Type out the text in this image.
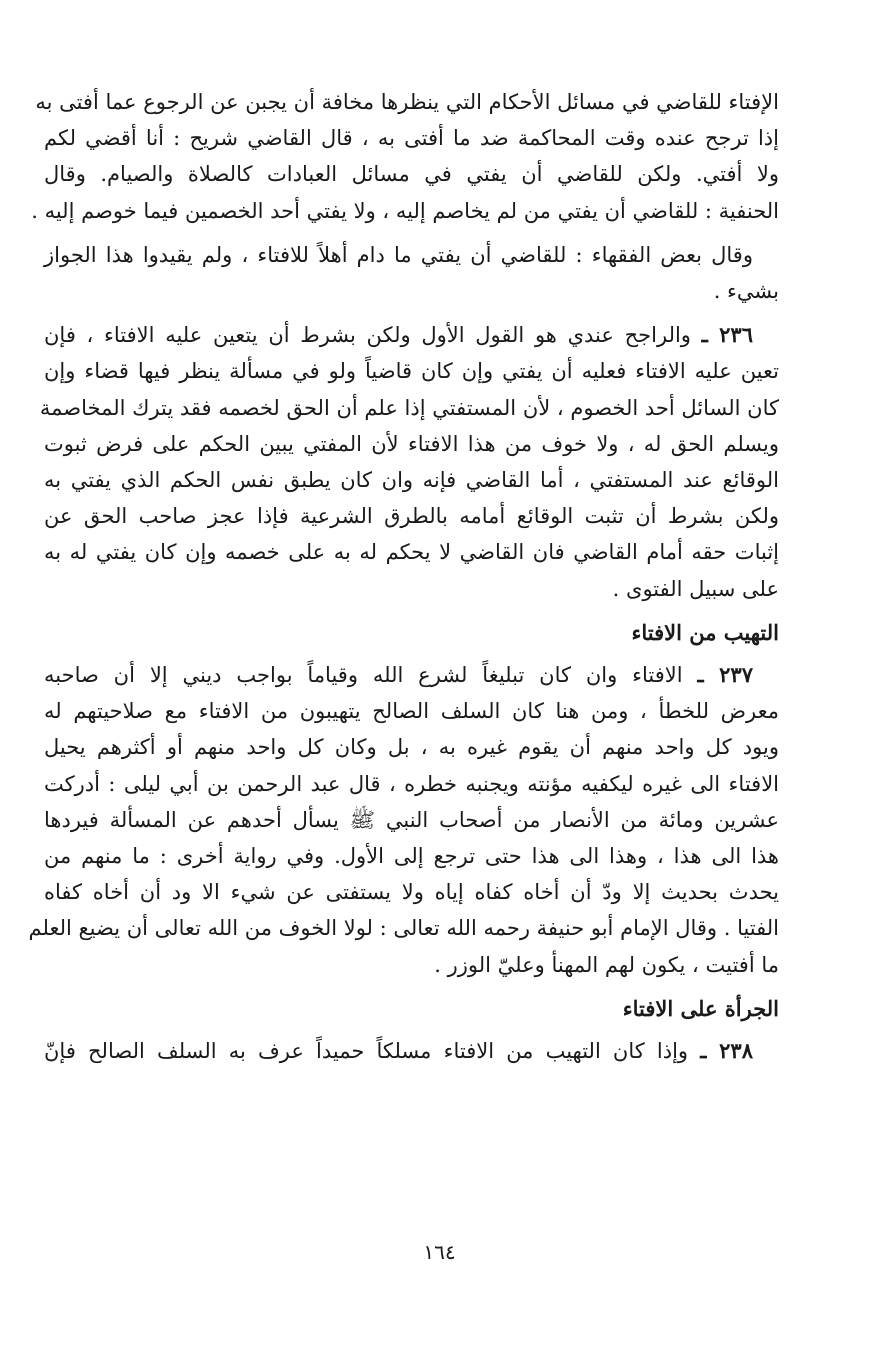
الإفتاء للقاضي في مسائل الأحكام التي ينظرها مخافة أن يجبن عن الرجوع عما أفتى به
إذا ترجح عنده وقت المحاكمة ضد ما أفتى به ، قال القاضي شريح : أنا أقضي لكم
ولا أفتي. ولكن للقاضي أن يفتي في مسائل العبادات كالصلاة والصيام. وقال
الحنفية : للقاضي أن يفتي من لم يخاصم إليه ، ولا يفتي أحد الخصمين فيما خوصم إليه .
وقال بعض الفقهاء : للقاضي أن يفتي ما دام أهلاً للافتاء ، ولم يقيدوا هذا الجواز
بشيء .
٢٣٦ ـ والراجح عندي هو القول الأول ولكن بشرط أن يتعين عليه الافتاء ، فإن
تعين عليه الافتاء فعليه أن يفتي وإن كان قاضياً ولو في مسألة ينظر فيها قضاء وإن
كان السائل أحد الخصوم ، لأن المستفتي إذا علم أن الحق لخصمه فقد يترك المخاصمة
ويسلم الحق له ، ولا خوف من هذا الافتاء لأن المفتي يبين الحكم على فرض ثبوت
الوقائع عند المستفتي ، أما القاضي فإنه وان كان يطبق نفس الحكم الذي يفتي به
ولكن بشرط أن تثبت الوقائع أمامه بالطرق الشرعية فإذا عجز صاحب الحق عن
إثبات حقه أمام القاضي فان القاضي لا يحكم له به على خصمه وإن كان يفتي له به
على سبيل الفتوى .
التهيب من الافتاء
٢٣٧ ـ الافتاء وان كان تبليغاً لشرع الله وقياماً بواجب ديني إلا أن صاحبه
معرض للخطأ ، ومن هنا كان السلف الصالح يتهيبون من الافتاء مع صلاحيتهم له
ويود كل واحد منهم أن يقوم غيره به ، بل وكان كل واحد منهم أو أكثرهم يحيل
الافتاء الى غيره ليكفيه مؤنته ويجنبه خطره ، قال عبد الرحمن بن أبي ليلى : أدركت
عشرين ومائة من الأنصار من أصحاب النبي ﷺ يسأل أحدهم عن المسألة فيردها
هذا الى هذا ، وهذا الى هذا حتى ترجع إلى الأول. وفي رواية أخرى : ما منهم من
يحدث بحديث إلا ودّ أن أخاه كفاه إياه ولا يستفتى عن شيء الا ود أن أخاه كفاه
الفتيا . وقال الإمام أبو حنيفة رحمه الله تعالى : لولا الخوف من الله تعالى أن يضيع العلم
ما أفتيت ، يكون لهم المهنأ وعليّ الوزر .
الجرأة على الافتاء
٢٣٨ ـ وإذا كان التهيب من الافتاء مسلكاً حميداً عرف به السلف الصالح فإنّ
١٦٤
